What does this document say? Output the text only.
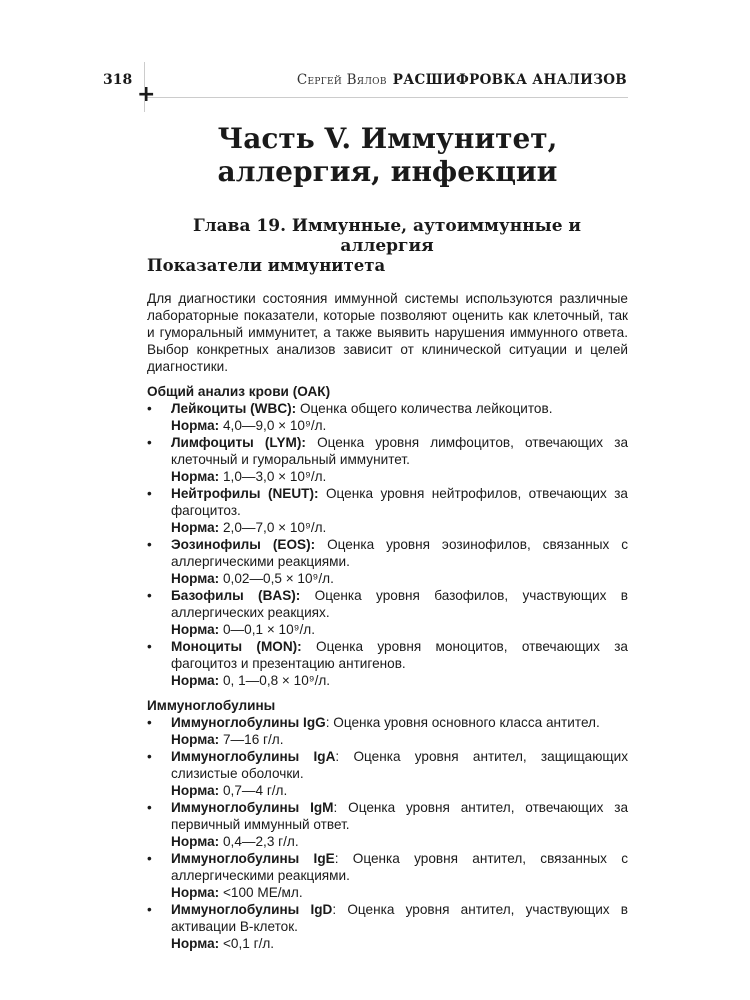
+
318	Сергей Вялов РАСШИФРОВКА АНАЛИЗОВ
Часть V. Иммунитет,
аллергия, инфекции
Глава 19. Иммунные, аутоиммунные и аллергия
Показатели иммунитета

Для диагностики состояния иммунной системы используются различные лабораторные показатели, которые позволяют оценить как клеточный, так и гуморальный иммунитет, а также выявить нарушения иммунного ответа. Выбор конкретных анализов зависит от клинической ситуации и целей диагностики.

Общий анализ крови (ОАК)

• Лейкоциты (WBC): Оценка общего количества лейкоцитов.
Норма: 4,0—9,0 × 10⁹/л.
• Лимфоциты (LYM): Оценка уровня лимфоцитов, отвечающих за клеточный и гуморальный иммунитет.
Норма: 1,0—3,0 × 10⁹/л.
• Нейтрофилы (NEUT): Оценка уровня нейтрофилов, отвечающих за фагоцитоз.
Норма: 2,0—7,0 × 10⁹/л.
• Эозинофилы (EOS): Оценка уровня эозинофилов, связанных с аллергическими реакциями.
Норма: 0,02—0,5 × 10⁹/л.
• Базофилы (BAS): Оценка уровня базофилов, участвующих в аллергических реакциях.
Норма: 0—0,1 × 10⁹/л.
• Моноциты (MON): Оценка уровня моноцитов, отвечающих за фагоцитоз и презентацию антигенов.
Норма: 0, 1—0,8 × 10⁹/л.

Иммуноглобулины

• Иммуноглобулины IgG: Оценка уровня основного класса антител.
Норма: 7—16 г/л.
• Иммуноглобулины IgA: Оценка уровня антител, защищающих слизистые оболочки.
Норма: 0,7—4 г/л.
• Иммуноглобулины IgM: Оценка уровня антител, отвечающих за первичный иммунный ответ.
Норма: 0,4—2,3 г/л.
• Иммуноглобулины IgE: Оценка уровня антител, связанных с аллергическими реакциями.
Норма: <100 МЕ/мл.
• Иммуноглобулины IgD: Оценка уровня антител, участвующих в активации В-клеток.
Норма: <0,1 г/л.
